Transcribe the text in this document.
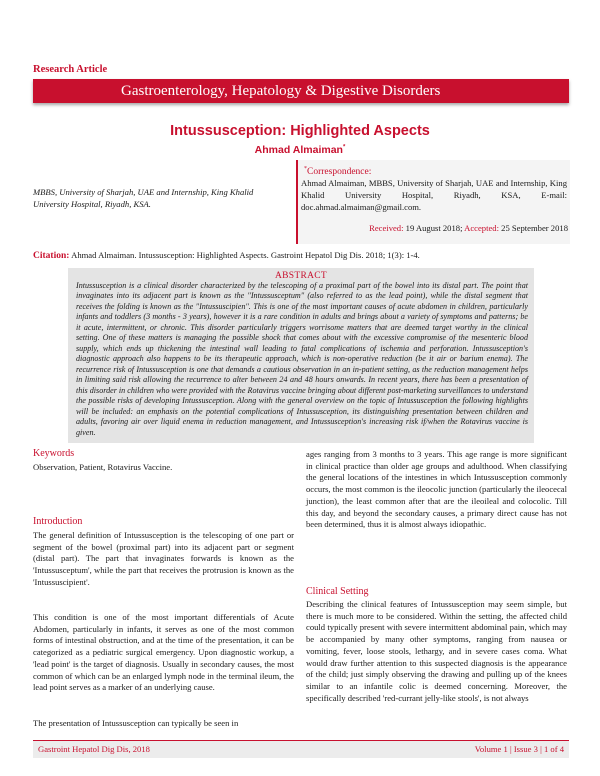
Research Article
Gastroenterology, Hepatology & Digestive Disorders
Intussusception: Highlighted Aspects
Ahmad Almaiman*
MBBS, University of Sharjah, UAE and Internship, King Khalid University Hospital, Riyadh, KSA.
*Correspondence:
Ahmad Almaiman, MBBS, University of Sharjah, UAE and Internship, King Khalid University Hospital, Riyadh, KSA, E-mail: doc.ahmad.almaiman@gmail.com.
Received: 19 August 2018; Accepted: 25 September 2018
Citation: Ahmad Almaiman. Intussusception: Highlighted Aspects. Gastroint Hepatol Dig Dis. 2018; 1(3): 1-4.
ABSTRACT
Intussusception is a clinical disorder characterized by the telescoping of a proximal part of the bowel into its distal part. The point that invaginates into its adjacent part is known as the "Intussusceptum" (also referred to as the lead point), while the distal segment that receives the folding is known as the "Intussuscipien". This is one of the most important causes of acute abdomen in children, particularly infants and toddlers (3 months - 3 years), however it is a rare condition in adults and brings about a variety of symptoms and patterns; be it acute, intermittent, or chronic. This disorder particularly triggers worrisome matters that are deemed target worthy in the clinical setting. One of these matters is managing the possible shock that comes about with the excessive compromise of the mesenteric blood supply, which ends up thickening the intestinal wall leading to fatal complications of ischemia and perforation. Intussusception's diagnostic approach also happens to be its therapeutic approach, which is non-operative reduction (be it air or barium enema). The recurrence risk of Intussusception is one that demands a cautious observation in an in-patient setting, as the reduction management helps in limiting said risk allowing the recurrence to alter between 24 and 48 hours onwards. In recent years, there has been a presentation of this disorder in children who were provided with the Rotavirus vaccine bringing about different post-marketing surveillances to understand the possible risks of developing Intussusception. Along with the general overview on the topic of Intussusception the following highlights will be included: an emphasis on the potential complications of Intussusception, its distinguishing presentation between children and adults, favoring air over liquid enema in reduction management, and Intussusception's increasing risk if/when the Rotavirus vaccine is given.
Keywords
Observation, Patient, Rotavirus Vaccine.
Introduction
The general definition of Intussusception is the telescoping of one part or segment of the bowel (proximal part) into its adjacent part or segment (distal part). The part that invaginates forwards is known as the 'Intussusceptum', while the part that receives the protrusion is known as the 'Intussuscipient'.
This condition is one of the most important differentials of Acute Abdomen, particularly in infants, it serves as one of the most common forms of intestinal obstruction, and at the time of the presentation, it can be categorized as a pediatric surgical emergency. Upon diagnostic workup, a 'lead point' is the target of diagnosis. Usually in secondary causes, the most common of which can be an enlarged lymph node in the terminal ileum, the lead point serves as a marker of an underlying cause.
The presentation of Intussusception can typically be seen in
ages ranging from 3 months to 3 years. This age range is more significant in clinical practice than older age groups and adulthood. When classifying the general locations of the intestines in which Intussusception commonly occurs, the most common is the ileocolic junction (particularly the ileocecal junction), the least common after that are the ileoileal and colocolic. Till this day, and beyond the secondary causes, a primary direct cause has not been determined, thus it is almost always idiopathic.
Clinical Setting
Describing the clinical features of Intussusception may seem simple, but there is much more to be considered. Within the setting, the affected child could typically present with severe intermittent abdominal pain, which may be accompanied by many other symptoms, ranging from nausea or vomiting, fever, loose stools, lethargy, and in severe cases coma. What would draw further attention to this suspected diagnosis is the appearance of the child; just simply observing the drawing and pulling up of the knees similar to an infantile colic is deemed concerning. Moreover, the specifically described 'red-currant jelly-like stools', is not always
Gastroint Hepatol Dig Dis, 2018	Volume 1 | Issue 3 | 1 of 4
